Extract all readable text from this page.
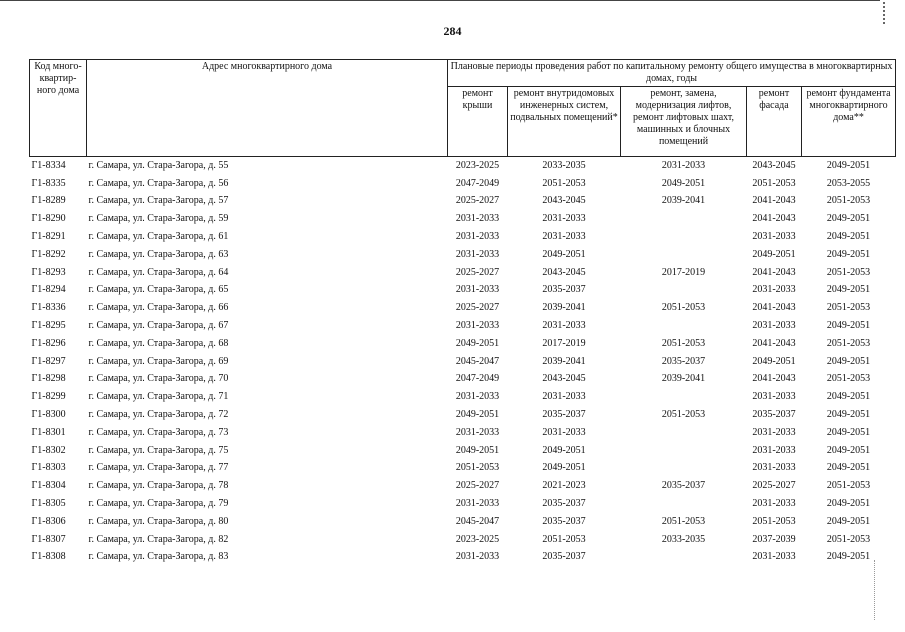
284
Код много-квартир-ного дома	Адрес многоквартирного дома	Плановые периоды проведения работ по капитальному ремонту общего имущества в многоквартирных домах, годы				
		ремонт крыши	ремонт внутридомовых инженерных систем, подвальных помещений*	ремонт, замена, модернизация лифтов, ремонт лифтовых шахт, машинных и блочных помещений	ремонт фасада	ремонт фундамента многоквартирного дома**
Г1-8334	г. Самара, ул. Стара-Загора, д. 55	2023-2025	2033-2035	2031-2033	2043-2045	2049-2051
Г1-8335	г. Самара, ул. Стара-Загора, д. 56	2047-2049	2051-2053	2049-2051	2051-2053	2053-2055
Г1-8289	г. Самара, ул. Стара-Загора, д. 57	2025-2027	2043-2045	2039-2041	2041-2043	2051-2053
Г1-8290	г. Самара, ул. Стара-Загора, д. 59	2031-2033	2031-2033		2041-2043	2049-2051
Г1-8291	г. Самара, ул. Стара-Загора, д. 61	2031-2033	2031-2033		2031-2033	2049-2051
Г1-8292	г. Самара, ул. Стара-Загора, д. 63	2031-2033	2049-2051		2049-2051	2049-2051
Г1-8293	г. Самара, ул. Стара-Загора, д. 64	2025-2027	2043-2045	2017-2019	2041-2043	2051-2053
Г1-8294	г. Самара, ул. Стара-Загора, д. 65	2031-2033	2035-2037		2031-2033	2049-2051
Г1-8336	г. Самара, ул. Стара-Загора, д. 66	2025-2027	2039-2041	2051-2053	2041-2043	2051-2053
Г1-8295	г. Самара, ул. Стара-Загора, д. 67	2031-2033	2031-2033		2031-2033	2049-2051
Г1-8296	г. Самара, ул. Стара-Загора, д. 68	2049-2051	2017-2019	2051-2053	2041-2043	2051-2053
Г1-8297	г. Самара, ул. Стара-Загора, д. 69	2045-2047	2039-2041	2035-2037	2049-2051	2049-2051
Г1-8298	г. Самара, ул. Стара-Загора, д. 70	2047-2049	2043-2045	2039-2041	2041-2043	2051-2053
Г1-8299	г. Самара, ул. Стара-Загора, д. 71	2031-2033	2031-2033		2031-2033	2049-2051
Г1-8300	г. Самара, ул. Стара-Загора, д. 72	2049-2051	2035-2037	2051-2053	2035-2037	2049-2051
Г1-8301	г. Самара, ул. Стара-Загора, д. 73	2031-2033	2031-2033		2031-2033	2049-2051
Г1-8302	г. Самара, ул. Стара-Загора, д. 75	2049-2051	2049-2051		2031-2033	2049-2051
Г1-8303	г. Самара, ул. Стара-Загора, д. 77	2051-2053	2049-2051		2031-2033	2049-2051
Г1-8304	г. Самара, ул. Стара-Загора, д. 78	2025-2027	2021-2023	2035-2037	2025-2027	2051-2053
Г1-8305	г. Самара, ул. Стара-Загора, д. 79	2031-2033	2035-2037		2031-2033	2049-2051
Г1-8306	г. Самара, ул. Стара-Загора, д. 80	2045-2047	2035-2037	2051-2053	2051-2053	2049-2051
Г1-8307	г. Самара, ул. Стара-Загора, д. 82	2023-2025	2051-2053	2033-2035	2037-2039	2051-2053
Г1-8308	г. Самара, ул. Стара-Загора, д. 83	2031-2033	2035-2037		2031-2033	2049-2051
